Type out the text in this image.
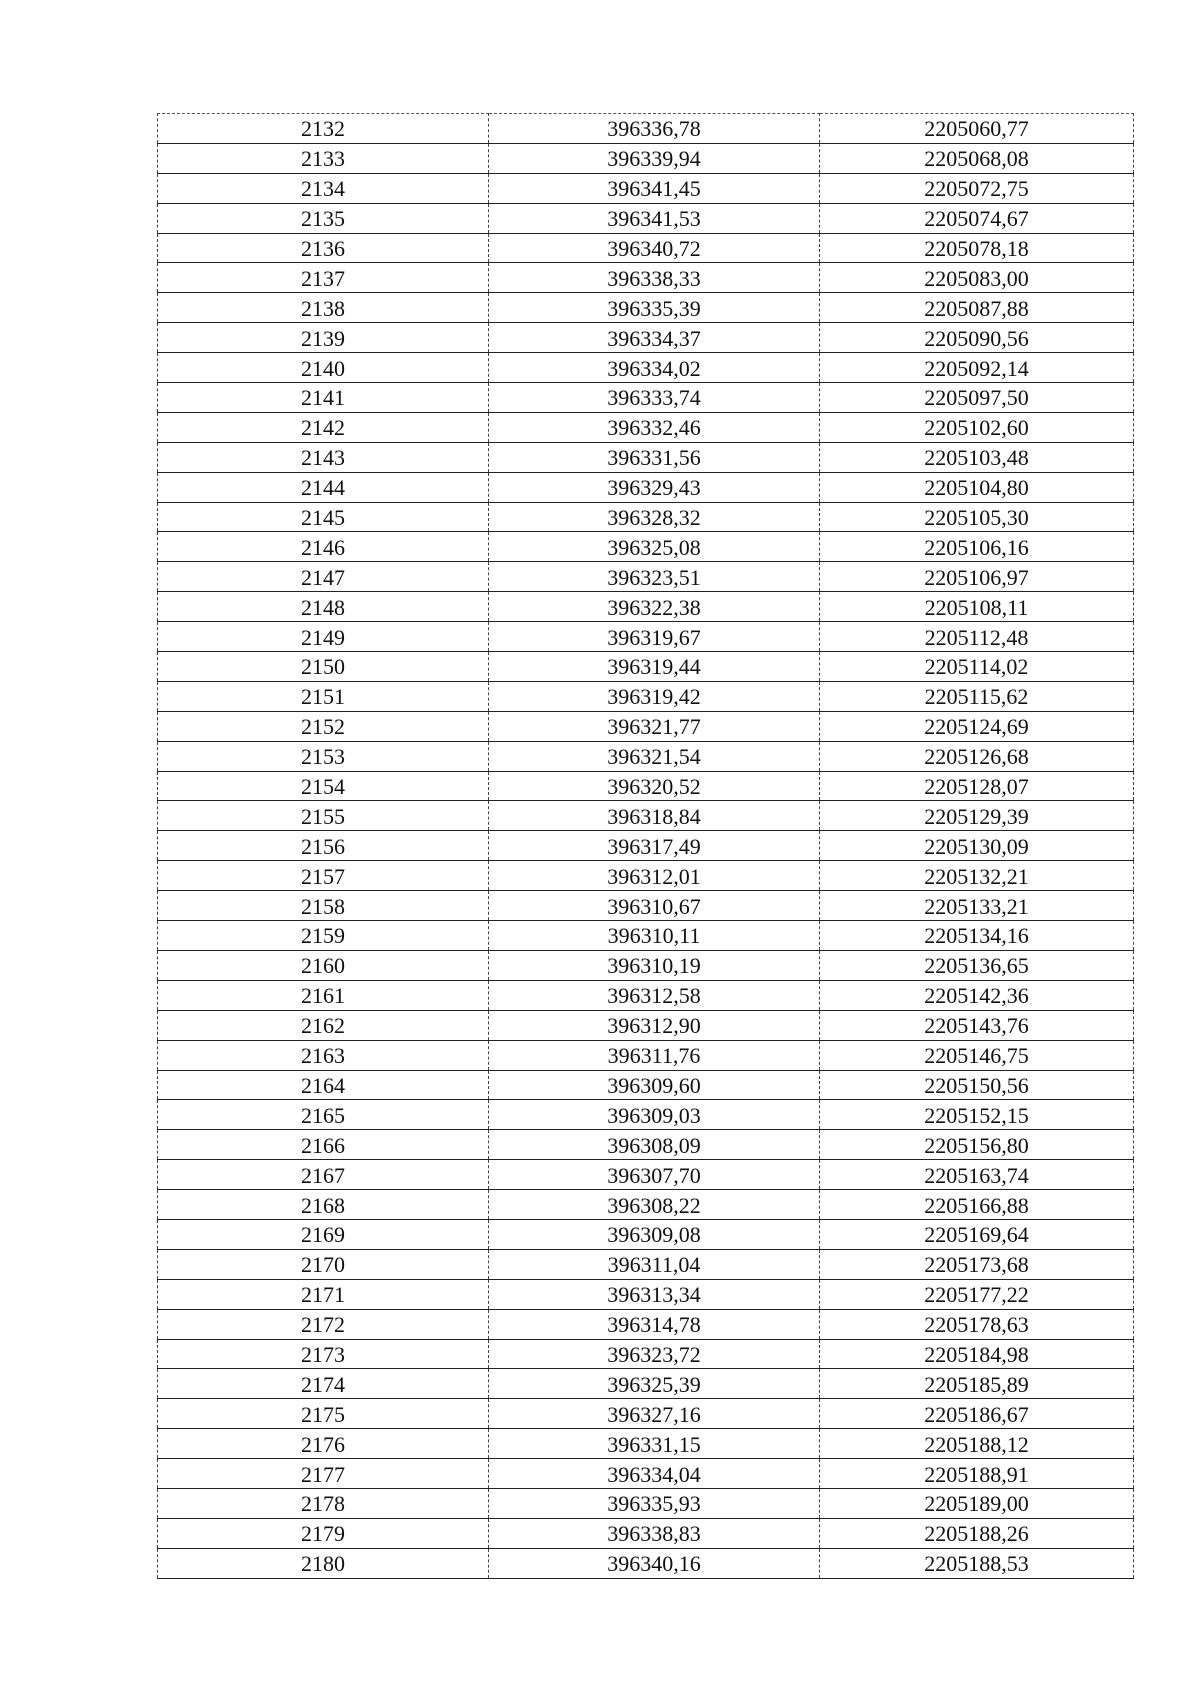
2132	396336,78	2205060,77
2133	396339,94	2205068,08
2134	396341,45	2205072,75
2135	396341,53	2205074,67
2136	396340,72	2205078,18
2137	396338,33	2205083,00
2138	396335,39	2205087,88
2139	396334,37	2205090,56
2140	396334,02	2205092,14
2141	396333,74	2205097,50
2142	396332,46	2205102,60
2143	396331,56	2205103,48
2144	396329,43	2205104,80
2145	396328,32	2205105,30
2146	396325,08	2205106,16
2147	396323,51	2205106,97
2148	396322,38	2205108,11
2149	396319,67	2205112,48
2150	396319,44	2205114,02
2151	396319,42	2205115,62
2152	396321,77	2205124,69
2153	396321,54	2205126,68
2154	396320,52	2205128,07
2155	396318,84	2205129,39
2156	396317,49	2205130,09
2157	396312,01	2205132,21
2158	396310,67	2205133,21
2159	396310,11	2205134,16
2160	396310,19	2205136,65
2161	396312,58	2205142,36
2162	396312,90	2205143,76
2163	396311,76	2205146,75
2164	396309,60	2205150,56
2165	396309,03	2205152,15
2166	396308,09	2205156,80
2167	396307,70	2205163,74
2168	396308,22	2205166,88
2169	396309,08	2205169,64
2170	396311,04	2205173,68
2171	396313,34	2205177,22
2172	396314,78	2205178,63
2173	396323,72	2205184,98
2174	396325,39	2205185,89
2175	396327,16	2205186,67
2176	396331,15	2205188,12
2177	396334,04	2205188,91
2178	396335,93	2205189,00
2179	396338,83	2205188,26
2180	396340,16	2205188,53
